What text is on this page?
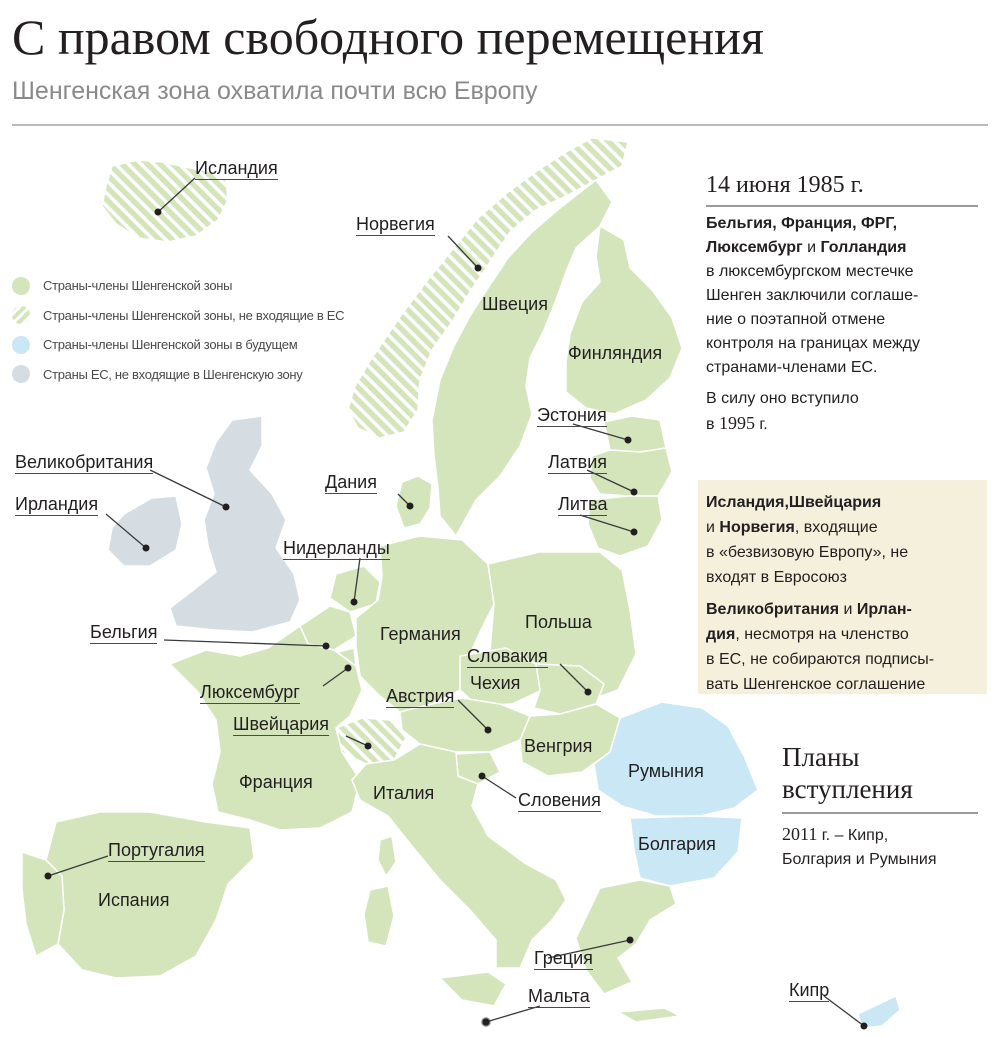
С правом свободного перемещения
Шенгенская зона охватила почти всю Европу
Страны-члены Шенгенской зоны
Страны-члены Шенгенской зоны, не входящие в ЕС
Страны-члены Шенгенской зоны в будущем
Страны ЕС, не входящие в Шенгенскую зону
Исландия
Норвегия
Швеция
Финляндия
Эстония
Латвия
Литва
Дания
Великобритания
Ирландия
Нидерланды
Бельгия	Германия
Польша
Словакия
Чехия
Люксембург	Австрия
Швейцария
Венгрия
Румыния
Франция
Италия	Словения
Болгария
Португалия
Испания
Греция
Мальта	Кипр
14 июня 1985 г.
Бельгия, Франция, ФРГ,
Люксембург и Голландия
в люксембургском местечке
Шенген заключили соглаше-
ние о поэтапной отмене
контроля на границах между
странами-членами ЕС.
В силу оно вступило
в 1995 г.
Исландия,Швейцария
и Норвегия, входящие
в «безвизовую Европу», не
входят в Еврос​оюз
Великобритания и Ирлан-
дия, несмотря на членство
в ЕС, не собираются подписы-
вать Шенгенское соглашение
Планы
вступления
2011 г. – Кипр,
Болгария и Румыния
